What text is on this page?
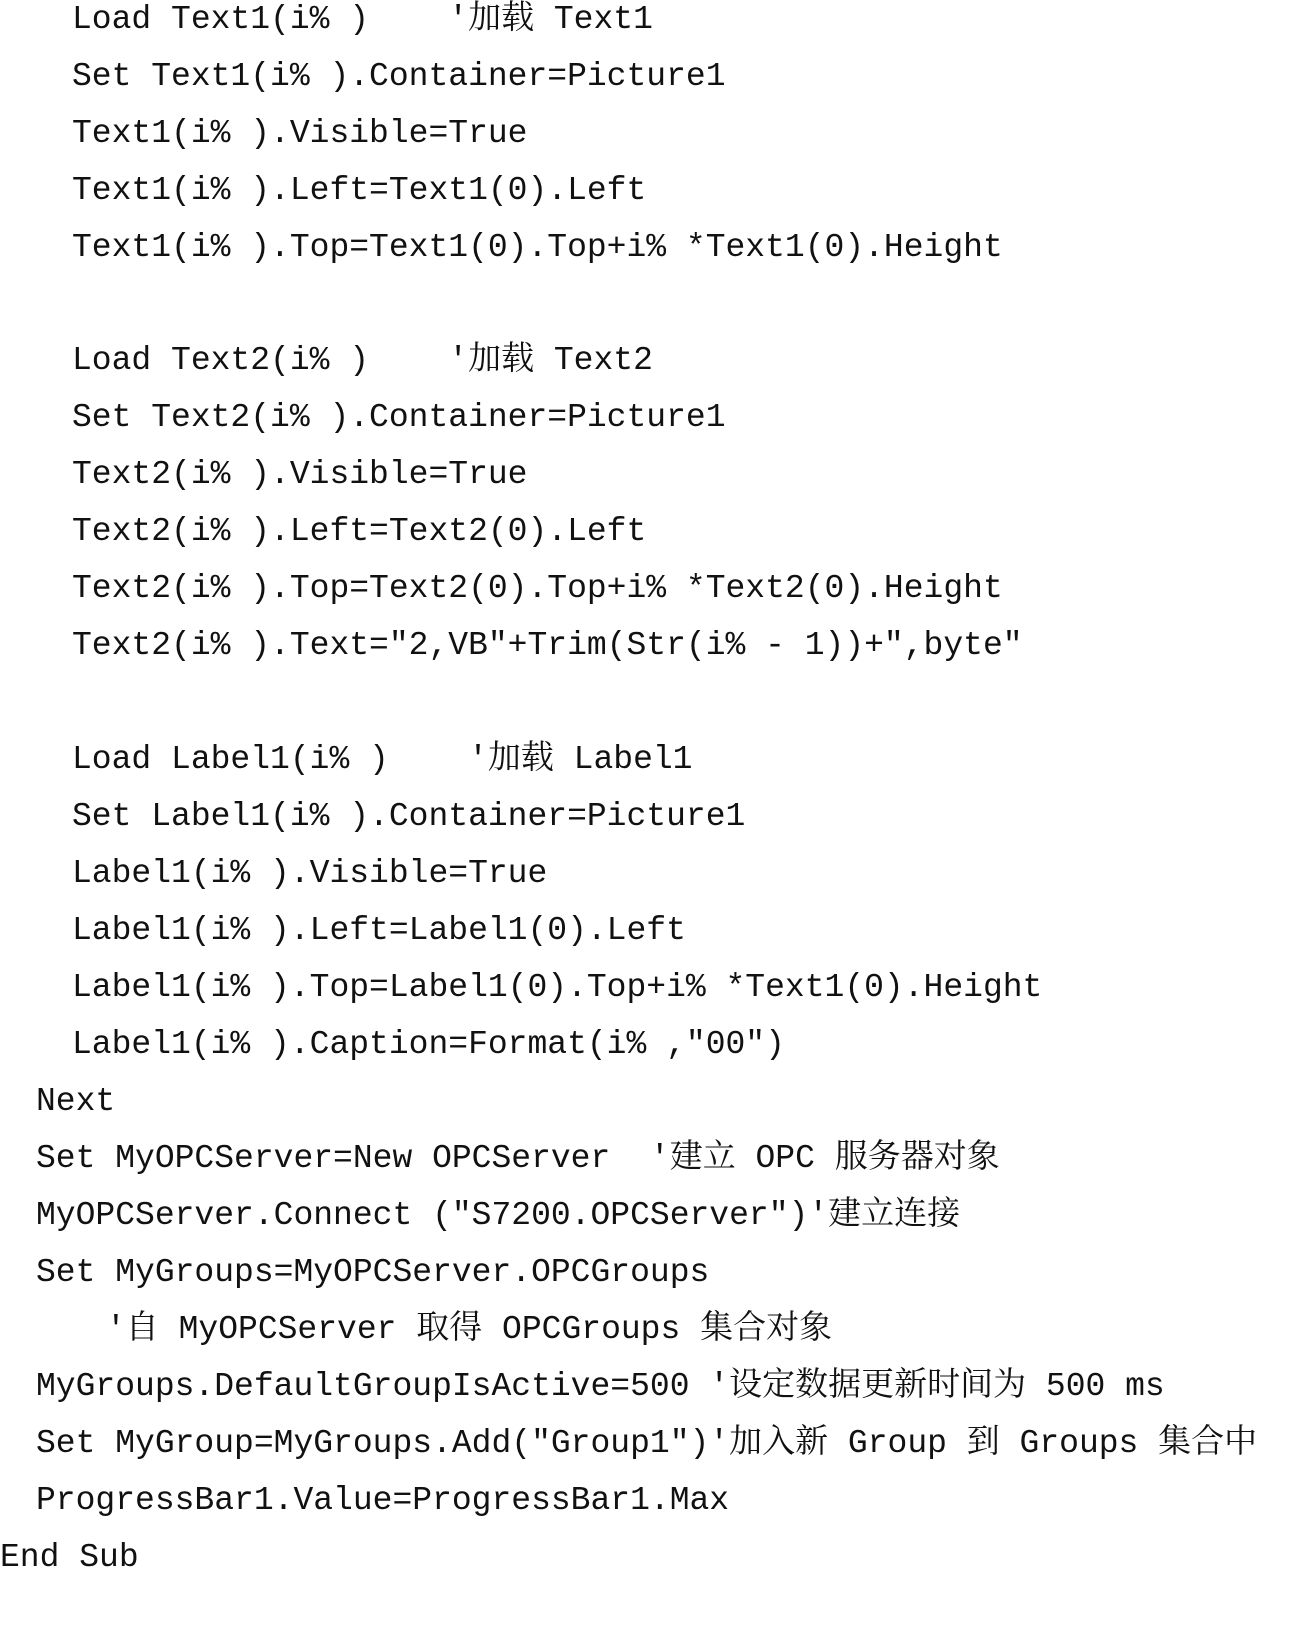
Load Text1(i% )    '加载 Text1
Set Text1(i% ).Container=Picture1
Text1(i% ).Visible=True
Text1(i% ).Left=Text1(0).Left
Text1(i% ).Top=Text1(0).Top+i% *Text1(0).Height
Load Text2(i% )    '加载 Text2
Set Text2(i% ).Container=Picture1
Text2(i% ).Visible=True
Text2(i% ).Left=Text2(0).Left
Text2(i% ).Top=Text2(0).Top+i% *Text2(0).Height
Text2(i% ).Text="2,VB"+Trim(Str(i% - 1))+",byte"
Load Label1(i% )    '加载 Label1
Set Label1(i% ).Container=Picture1
Label1(i% ).Visible=True
Label1(i% ).Left=Label1(0).Left
Label1(i% ).Top=Label1(0).Top+i% *Text1(0).Height
Label1(i% ).Caption=Format(i% ,"00")
Next
Set MyOPCServer=New OPCServer  '建立 OPC 服务器对象
MyOPCServer.Connect ("S7200.OPCServer")'建立连接
Set MyGroups=MyOPCServer.OPCGroups
'自 MyOPCServer 取得 OPCGroups 集合对象
MyGroups.DefaultGroupIsActive=500 '设定数据更新时间为 500 ms
Set MyGroup=MyGroups.Add("Group1")'加入新 Group 到 Groups 集合中
ProgressBar1.Value=ProgressBar1.Max
End Sub
